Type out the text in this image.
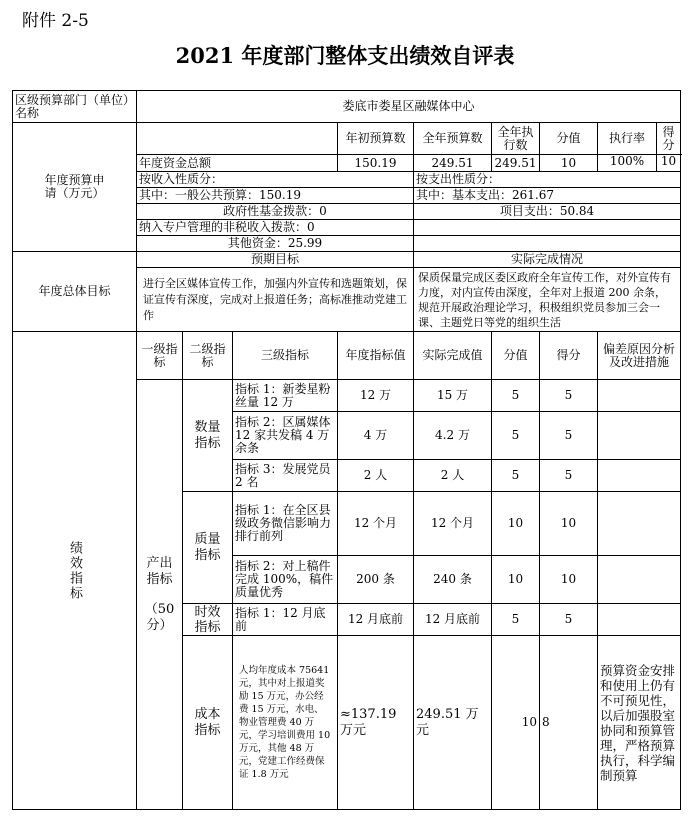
附件 2-5
2021 年度部门整体支出绩效自评表
区级预算部门（单位）名称	娄底市娄星区融媒体中心							

年度预算申请（万元）				年初预算数	全年预算数	全年执行数	分值	执行率 得分

	年度资金总额			150.19	249.51	249.51	10	100% 10

	按收入性质分：				按支出性质分：			
	其中：一般公共预算：150.19				其中：基本支出：261.67			
	政府性基金拨款：0				项目支出：50.84			
	纳入专户管理的非税收入拨款：0							
	其他资金：25.99							
年度总体目标	预期目标				实际完成情况			
	进行全区媒体宣传工作，加强内外宣传和选题策划，保证宣传有深度，完成对上报道任务；高标准推动党建工作				保质保量完成区委区政府全年宣传工作，对外宣传有力度，对内宣传由深度，全年对上报道 200 余条，规范开展政治理论学习，积极组织党员参加三会一课、主题党日等党的组织生活			

绩效指标	一级指标	二级指标	三级指标	年度指标值	实际完成值	分值	得分	偏差原因分析及改进措施

	产出指标
（50 分）	数量指标	指标 1：新娄星粉丝量 12 万	12 万	15 万	5	5	
			指标 2：区属媒体 12 家共发稿 4 万余条	4 万	4.2 万	5	5	
			指标 3：发展党员 2 名	2 人	2 人	5	5	

		质量指标	指标 1：在全区县级政务微信影响力排行前列	12 个月	12 个月	10	10	
			指标 2：对上稿件完成 100%，稿件质量优秀	200 条	240 条	10	10	

		时效指标	指标 1：12 月底前	12 月底前	12 月底前	5	5	

		成本指标	人均年度成本 75641 元，其中对上报道奖励 15 万元，办公经费 15 万元，水电、物业管理费 40 万元，学习培训费用 10 万元，其他 48 万元，党建工作经费保证 1.8 万元	≈137.19 万元	249.51 万元	10	8	预算资金安排和使用上仍有不可预见性，以后加强股室协同和预算管理，严格预算执行，科学编制预算
